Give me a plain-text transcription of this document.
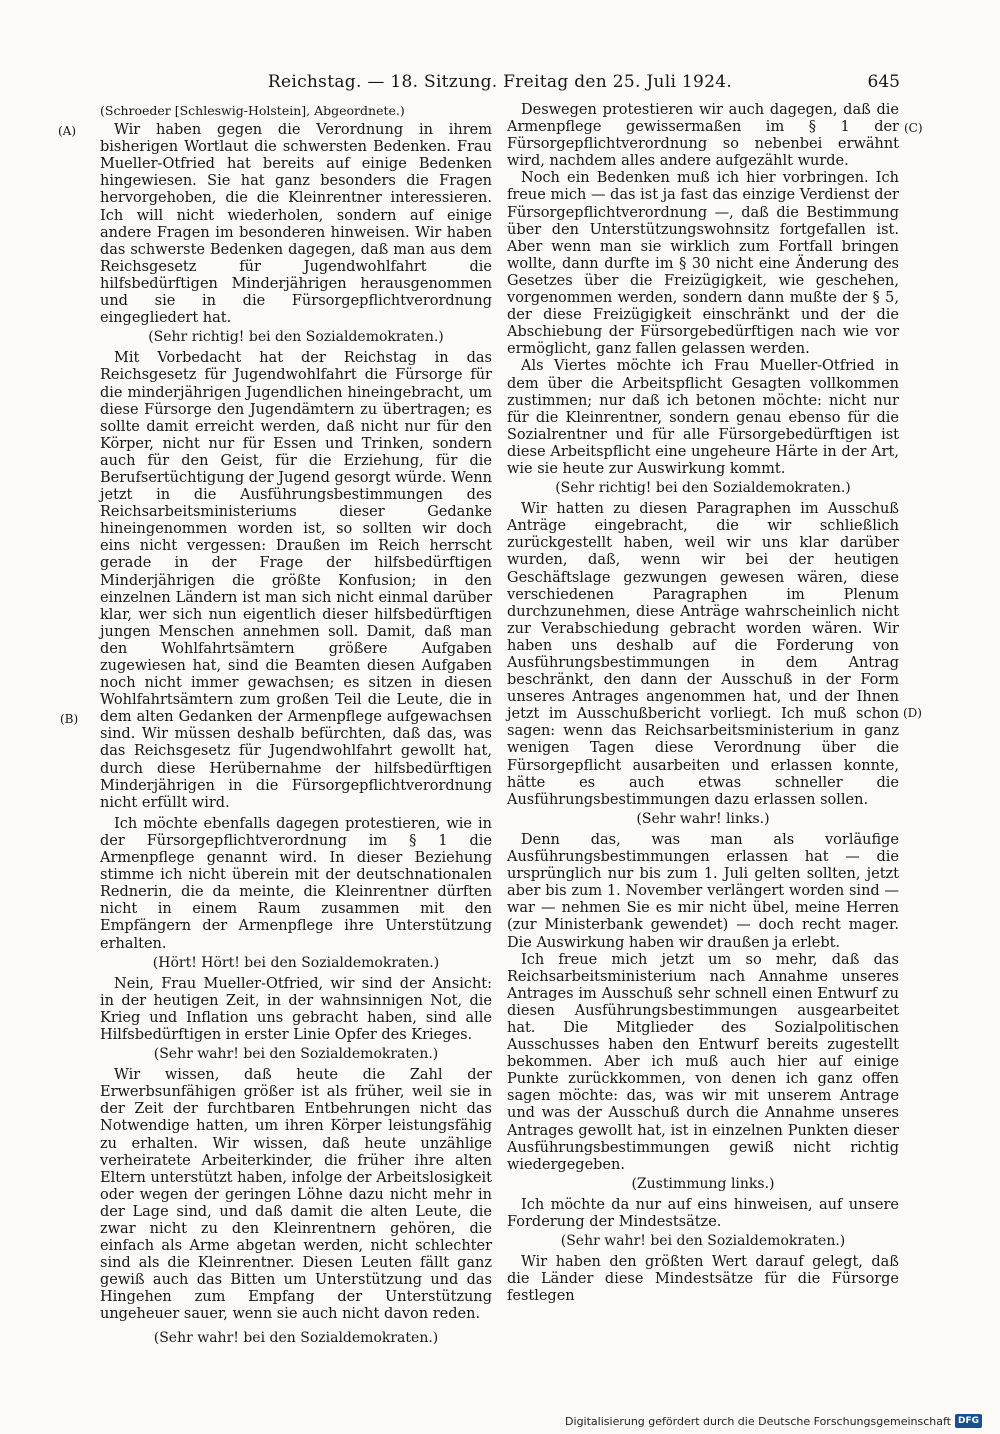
Reichstag. — 18. Sitzung. Freitag den 25. Juli 1924.	645
(A)
(B)
(C)
(D)

(Schroeder [Schleswig-Holstein], Abgeordnete.)

Wir haben gegen die Verordnung in ihrem bisherigen Wortlaut die schwersten Bedenken. Frau Mueller-Otfried hat bereits auf einige Bedenken hingewiesen. Sie hat ganz besonders die Fragen hervorgehoben, die die Kleinrentner interessieren. Ich will nicht wiederholen, sondern auf einige andere Fragen im besonderen hinweisen. Wir haben das schwerste Bedenken dagegen, daß man aus dem Reichsgesetz für Jugendwohlfahrt die hilfsbedürftigen Minderjährigen herausgenommen und sie in die Fürsorgepflichtverordnung eingegliedert hat.

(Sehr richtig! bei den Sozialdemokraten.)

Mit Vorbedacht hat der Reichstag in das Reichsgesetz für Jugendwohlfahrt die Fürsorge für die minderjährigen Jugendlichen hineingebracht, um diese Fürsorge den Jugendämtern zu übertragen; es sollte damit erreicht werden, daß nicht nur für den Körper, nicht nur für Essen und Trinken, sondern auch für den Geist, für die Erziehung, für die Berufsertüchtigung der Jugend gesorgt würde. Wenn jetzt in die Ausführungsbestimmungen des Reichsarbeitsministeriums dieser Gedanke hineingenommen worden ist, so sollten wir doch eins nicht vergessen: Draußen im Reich herrscht gerade in der Frage der hilfsbedürftigen Minderjährigen die größte Konfusion; in den einzelnen Ländern ist man sich nicht einmal darüber klar, wer sich nun eigentlich dieser hilfsbedürftigen jungen Menschen annehmen soll. Damit, daß man den Wohlfahrtsämtern größere Aufgaben zugewiesen hat, sind die Beamten diesen Aufgaben noch nicht immer gewachsen; es sitzen in diesen Wohlfahrtsämtern zum großen Teil die Leute, die in dem alten Gedanken der Armenpflege aufgewachsen sind. Wir müssen deshalb befürchten, daß das, was das Reichsgesetz für Jugendwohlfahrt gewollt hat, durch diese Herübernahme der hilfsbedürftigen Minderjährigen in die Fürsorgepflichtverordnung nicht erfüllt wird.

Ich möchte ebenfalls dagegen protestieren, wie in der Fürsorgepflichtverordnung im § 1 die Armenpflege genannt wird. In dieser Beziehung stimme ich nicht überein mit der deutschnationalen Rednerin, die da meinte, die Kleinrentner dürften nicht in einem Raum zusammen mit den Empfängern der Armenpflege ihre Unterstützung erhalten.

(Hört! Hört! bei den Sozialdemokraten.)

Nein, Frau Mueller-Otfried, wir sind der Ansicht: in der heutigen Zeit, in der wahnsinnigen Not, die Krieg und Inflation uns gebracht haben, sind alle Hilfsbedürftigen in erster Linie Opfer des Krieges.

(Sehr wahr! bei den Sozialdemokraten.)

Wir wissen, daß heute die Zahl der Erwerbsunfähigen größer ist als früher, weil sie in der Zeit der furchtbaren Entbehrungen nicht das Notwendige hatten, um ihren Körper leistungsfähig zu erhalten. Wir wissen, daß heute unzählige verheiratete Arbeiterkinder, die früher ihre alten Eltern unterstützt haben, infolge der Arbeitslosigkeit oder wegen der geringen Löhne dazu nicht mehr in der Lage sind, und daß damit die alten Leute, die zwar nicht zu den Kleinrentnern gehören, die einfach als Arme abgetan werden, nicht schlechter sind als die Kleinrentner. Diesen Leuten fällt ganz gewiß auch das Bitten um Unterstützung und das Hingehen zum Empfang der Unterstützung ungeheuer sauer, wenn sie auch nicht davon reden.

(Sehr wahr! bei den Sozialdemokraten.)

Deswegen protestieren wir auch dagegen, daß die Armenpflege gewissermaßen im § 1 der Fürsorgepflichtverordnung so nebenbei erwähnt wird, nachdem alles andere aufgezählt wurde.

Noch ein Bedenken muß ich hier vorbringen. Ich freue mich — das ist ja fast das einzige Verdienst der Fürsorgepflichtverordnung —, daß die Bestimmung über den Unterstützungswohnsitz fortgefallen ist. Aber wenn man sie wirklich zum Fortfall bringen wollte, dann durfte im § 30 nicht eine Änderung des Gesetzes über die Freizügigkeit, wie geschehen, vorgenommen werden, sondern dann mußte der § 5, der diese Freizügigkeit einschränkt und der die Abschiebung der Fürsorgebedürftigen nach wie vor ermöglicht, ganz fallen gelassen werden.

Als Viertes möchte ich Frau Mueller-Otfried in dem über die Arbeitspflicht Gesagten vollkommen zustimmen; nur daß ich betonen möchte: nicht nur für die Kleinrentner, sondern genau ebenso für die Sozialrentner und für alle Fürsorgebedürftigen ist diese Arbeitspflicht eine ungeheure Härte in der Art, wie sie heute zur Auswirkung kommt.

(Sehr richtig! bei den Sozialdemokraten.)

Wir hatten zu diesen Paragraphen im Ausschuß Anträge eingebracht, die wir schließlich zurückgestellt haben, weil wir uns klar darüber wurden, daß, wenn wir bei der heutigen Geschäftslage gezwungen gewesen wären, diese verschiedenen Paragraphen im Plenum durchzunehmen, diese Anträge wahrscheinlich nicht zur Verabschiedung gebracht worden wären. Wir haben uns deshalb auf die Forderung von Ausführungsbestimmungen in dem Antrag beschränkt, den dann der Ausschuß in der Form unseres Antrages angenommen hat, und der Ihnen jetzt im Ausschußbericht vorliegt. Ich muß schon sagen: wenn das Reichsarbeitsministerium in ganz wenigen Tagen diese Verordnung über die Fürsorgepflicht ausarbeiten und erlassen konnte, hätte es auch etwas schneller die Ausführungsbestimmungen dazu erlassen sollen.

(Sehr wahr! links.)

Denn das, was man als vorläufige Ausführungsbestimmungen erlassen hat — die ursprünglich nur bis zum 1. Juli gelten sollten, jetzt aber bis zum 1. November verlängert worden sind — war — nehmen Sie es mir nicht übel, meine Herren (zur Ministerbank gewendet) — doch recht mager. Die Auswirkung haben wir draußen ja erlebt.

Ich freue mich jetzt um so mehr, daß das Reichsarbeitsministerium nach Annahme unseres Antrages im Ausschuß sehr schnell einen Entwurf zu diesen Ausführungsbestimmungen ausgearbeitet hat. Die Mitglieder des Sozialpolitischen Ausschusses haben den Entwurf bereits zugestellt bekommen. Aber ich muß auch hier auf einige Punkte zurückkommen, von denen ich ganz offen sagen möchte: das, was wir mit unserem Antrage und was der Ausschuß durch die Annahme unseres Antrages gewollt hat, ist in einzelnen Punkten dieser Ausführungsbestimmungen gewiß nicht richtig wiedergegeben.

(Zustimmung links.)

Ich möchte da nur auf eins hinweisen, auf unsere Forderung der Mindestsätze.

(Sehr wahr! bei den Sozialdemokraten.)

Wir haben den größten Wert darauf gelegt, daß die Länder diese Mindestsätze für die Fürsorge festlegen

Digitalisierung gefördert durch die Deutsche Forschungsgemeinschaft DFG
